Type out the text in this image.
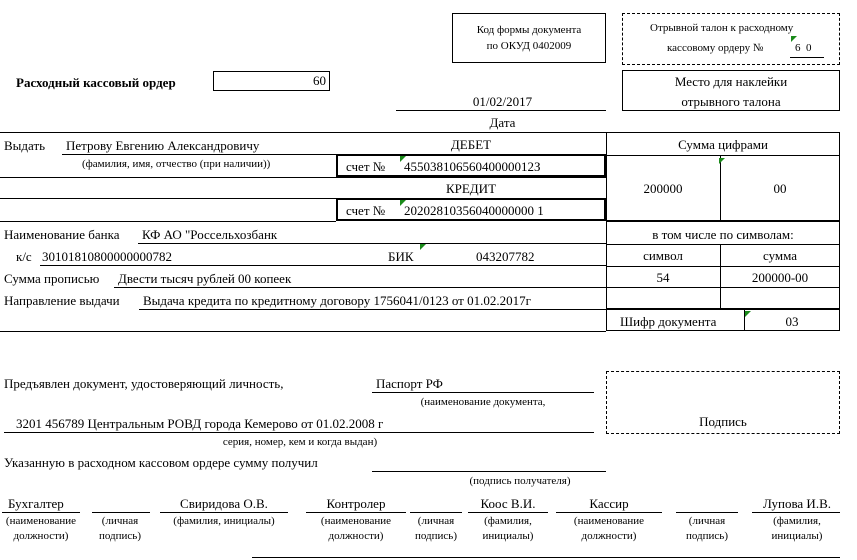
Код формы документа
по ОКУД 0402009
Отрывной талон к расходному
кассовому ордеру №	6  0
Место для наклейки
отрывного талона
Расходный кассовый ордер	60
01/02/2017
Дата
Выдать Петрову Евгению Александровичу
(фамилия, имя, отчество (при наличии))
ДЕБЕТ
счет № 45503810656040000012З
КРЕДИТ
счет № 20202810356040000000 1
Сумма цифрами
200000	00
в том числе по символам:
символ	сумма
54	200000-00
Шифр документа	03
Наименование банка КФ АО "Россельхозбанк
к/с 30101810800000000782	БИК	043207782
Сумма прописью Двести тысяч рублей 00 копеек
Направление выдачи Выдача кредита по кредитному договору 1756041/0123 от 01.02.2017г
Предъявлен документ, удостоверяющий личность,	Паспорт РФ
(наименование документа,
3201 456789 Центральным РОВД города Кемерово от 01.02.2008 г
серия, номер, кем и когда выдан)
Подпись
Указанную в расходном кассовом ордере сумму получил
(подпись получателя)
Бухгалтер
(наименование
должности)
(личная
подпись)
Свиридова О.В.
(фамилия, инициалы)
Контролер
(наименование
должности)
(личная
подпись)
Коос В.И.
(фамилия,
инициалы)
Кассир
(наименование
должности)
(личная
подпись)
Лупова И.В.
(фамилия,
инициалы)
